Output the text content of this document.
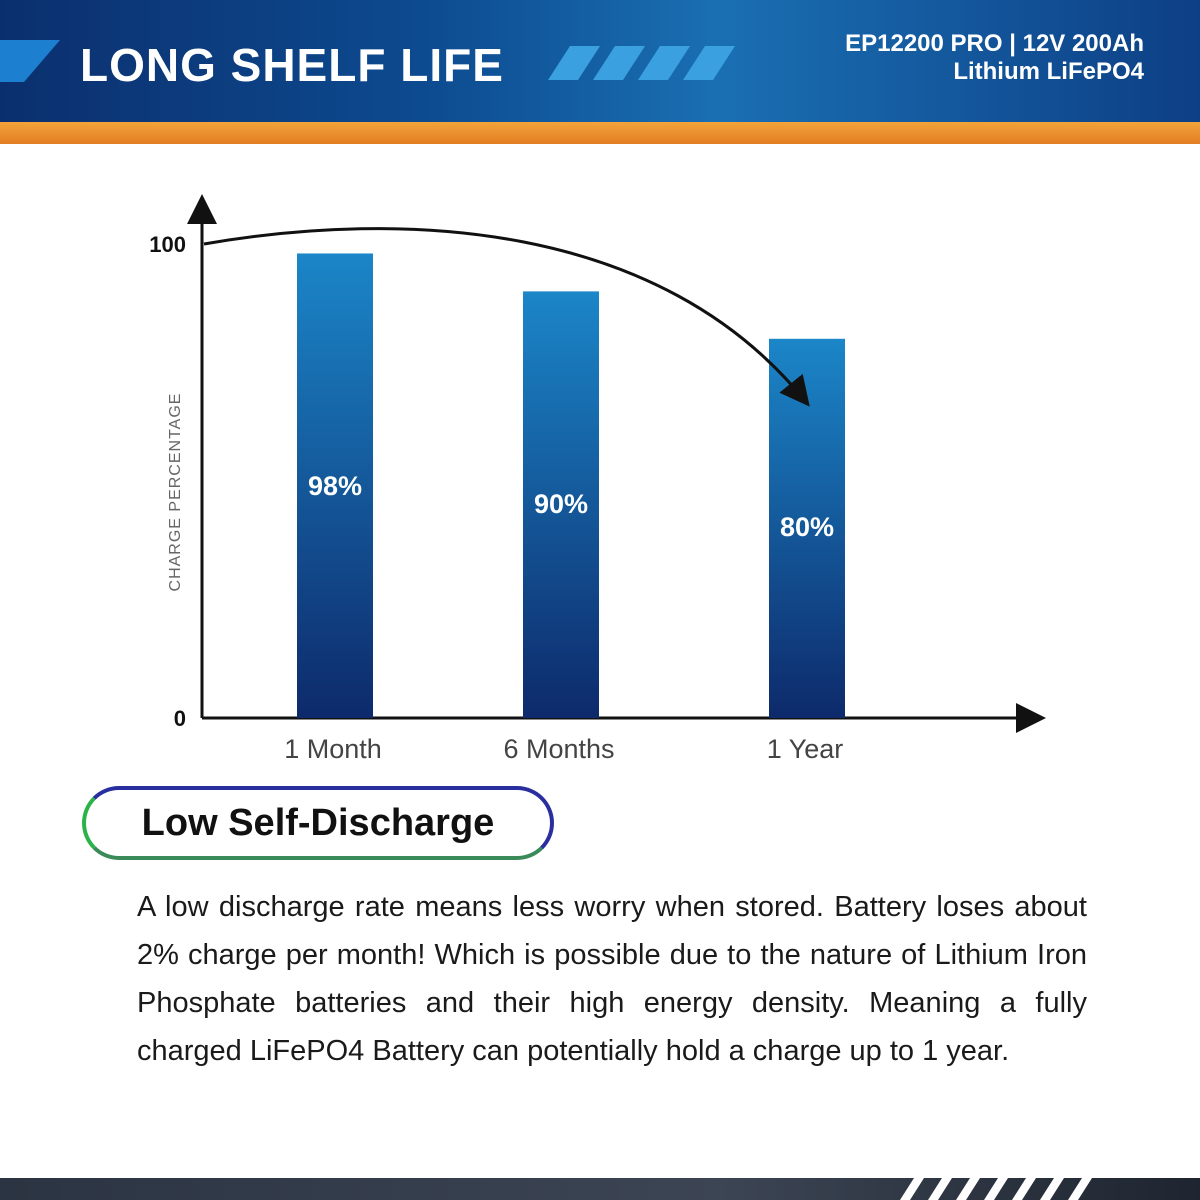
LONG SHELF LIFE	EP12200 PRO | 12V 200Ah
Lithium LiFePO4
0
100
CHARGE PERCENTAGE	98%
1 Month
90%
6 Months
80%
1 Year
Low Self-Discharge
A low discharge rate means less worry when stored. Battery loses about 2% charge per month! Which is possible due to the nature of Lithium Iron Phosphate batteries and their high energy density. Meaning a fully charged LiFePO4 Battery can potentially hold a charge up to 1 year.
